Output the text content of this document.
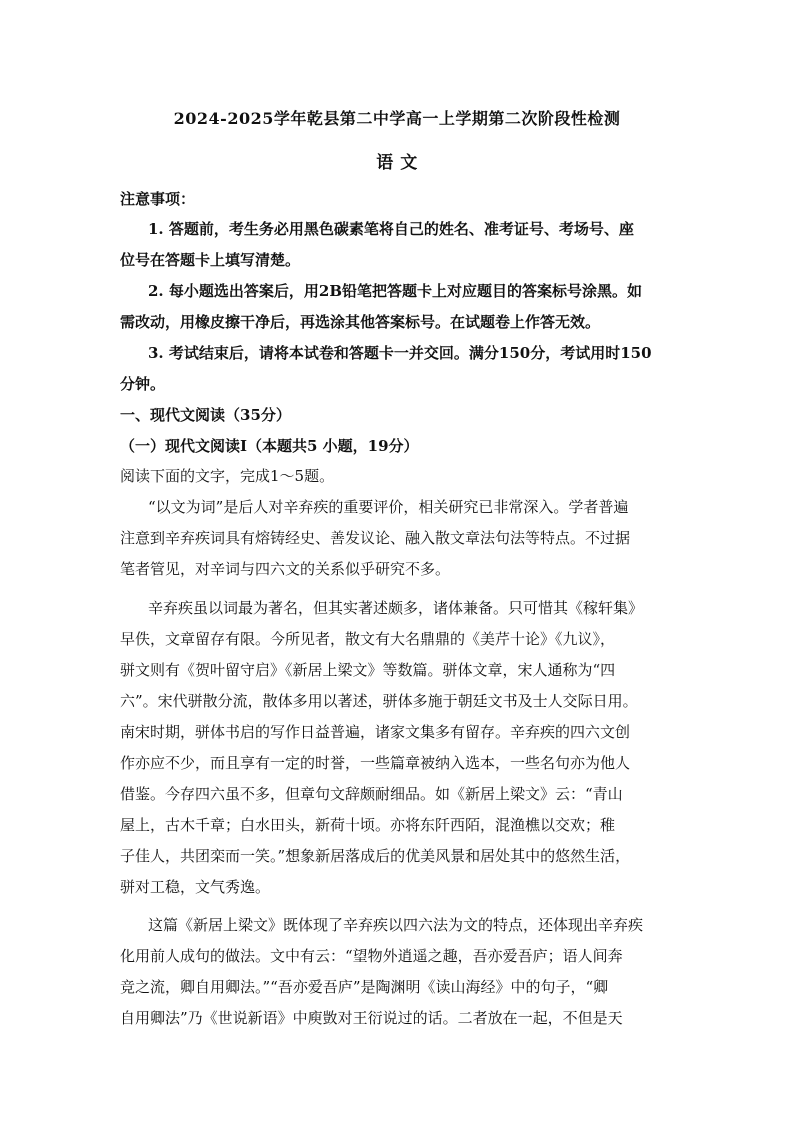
2024-2025学年乾县第二中学高一上学期第二次阶段性检测
语 文
注意事项：
1. 答题前，考生务必用黑色碳素笔将自己的姓名、准考证号、考场号、座
位号在答题卡上填写清楚。
2. 每小题选出答案后，用2B铅笔把答题卡上对应题目的答案标号涂黑。如
需改动，用橡皮擦干净后，再选涂其他答案标号。在试题卷上作答无效。
3. 考试结束后，请将本试卷和答题卡一并交回。满分150分，考试用时150
分钟。
一、现代文阅读（35分）
（一）现代文阅读Ⅰ（本题共5 小题，19分）
阅读下面的文字，完成1～5题。
“以文为词”是后人对辛弃疾的重要评价，相关研究已非常深入。学者普遍
注意到辛弃疾词具有熔铸经史、善发议论、融入散文章法句法等特点。不过据
笔者管见，对辛词与四六文的关系似乎研究不多。
辛弃疾虽以词最为著名，但其实著述颇多，诸体兼备。只可惜其《稼轩集》
早佚，文章留存有限。今所见者，散文有大名鼎鼎的《美芹十论》《九议》，
骈文则有《贺叶留守启》《新居上梁文》等数篇。骈体文章，宋人通称为“四
六”。宋代骈散分流，散体多用以著述，骈体多施于朝廷文书及士人交际日用。
南宋时期，骈体书启的写作日益普遍，诸家文集多有留存。辛弃疾的四六文创
作亦应不少，而且享有一定的时誉，一些篇章被纳入选本，一些名句亦为他人
借鉴。今存四六虽不多，但章句文辞颇耐细品。如《新居上梁文》云：“青山
屋上，古木千章；白水田头，新荷十顷。亦将东阡西陌，混渔樵以交欢；稚
子佳人，共团栾而一笑。”想象新居落成后的优美风景和居处其中的悠然生活，
骈对工稳，文气秀逸。
这篇《新居上梁文》既体现了辛弃疾以四六法为文的特点，还体现出辛弃疾
化用前人成句的做法。文中有云：“望物外逍遥之趣，吾亦爱吾庐；语人间奔
竞之流，卿自用卿法。”“吾亦爱吾庐”是陶渊明《读山海经》中的句子，“卿
自用卿法”乃《世说新语》中庾敳对王衍说过的话。二者放在一起，不但是天
